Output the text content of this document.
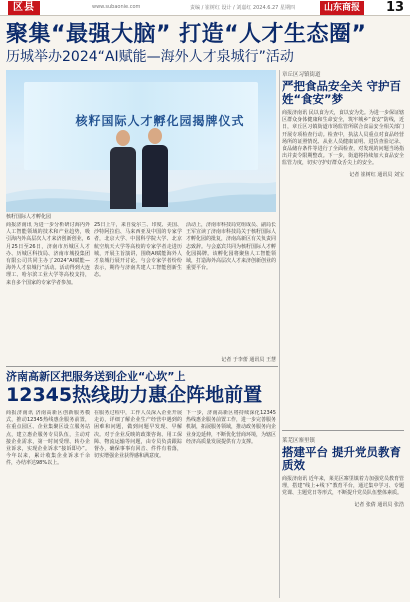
区县	www.subaonie.com	责编 / 崔树红 设计 / 刘嘉红 2024.6.27 星期四	山东商报	13
聚集“最强大脑” 打造“人才生态圈”
历城举办2024“AI赋能—海外人才泉城行”活动
核籽国际人才孵化园揭牌仪式
核籽国际人才孵化园
商报济南讯 为进一步分析研讨海内外人工智能领域的技术和产业趋势，吸引海内外高层次人才来济创新创业，6月25日至26日，济南市历城区人才办、历城区科技局、济南市城投集团有限公司共同主办了2024“AI赋能—海外人才泉城行”活动。活动得到大连理工、哈尔滨工业大学等高校支持，来自多个国家的专家学者参加。
25日上午，来自爱尔兰、印度、美国、沙特阿拉伯、马来西亚及中国的专家学者，北京大学、中国科学院大学、北京航空航天大学等高校的专家学者走进历城，开展主旨演讲，围绕AI赋能海外人才泉城行展开讨论。与会专家学者纷纷表示，期待与济南共建人工智能创新生态。
活动上，济南市科技局党组成员、副局长王军宣读了济南市科技局关于核籽国际人才孵化园的批复，济南高新区有关负责同志致辞。与会嘉宾共同为核籽国际人才孵化园揭牌。该孵化园将聚焦人工智能领域，打造海外高层次人才来济创新创业的重要平台。
记者 于李蕾 通讯员 王慧
章丘区习镇街道
严把食品安全关 守护百姓“食安”梦
商报济南讯 民以食为天，食以安为先。为进一步保证辖区群众身体健康和生命安全，筑牢城乡“食安”防线，近日，章丘区习镇街道市场监管所联合食品安全相关部门开展专项检查行动。检查中，执法人员重点对食品经营场所的证照情况、从业人员健康证明、进货查验记录、食品储存条件等进行了全面检查，对发现的问题当场指出并责令限期整改。下一步，街道将持续加大食品安全监管力度，切实守护好群众舌尖上的安全。
记者 崔树红 通讯员 刘宝
莱芜区寨里镇
搭建平台 提升党员教育质效
商报济南讯 近年来，莱芜区寨里镇着力加强党员教育管理，搭建“线上+线下”教育平台，通过集中学习、专题党课、主题党日等形式，不断提升党员队伍整体素质。
记者 张倩 通讯员 张浩
济南高新区把服务送到企业“心坎”上
12345热线助力惠企阵地前置
商报济南讯 济南高新区创新服务模式，推动12345热线惠企服务前置，在重点园区、企业集聚区设立服务站点，建立惠企服务专员队伍，主动对接企业需求，第一时间受理、转办企业诉求，实现企业诉求“接诉即办”。今年以来，累计收集企业诉求千余件，办结率达98%以上。
在服务过程中，工作人员深入企业开展走访，详细了解企业生产经营中遇到的困难和问题，做到问题早发现、早解决。对于企业反映的政策咨询、用工保障、物流运输等问题，由专员负责跟踪督办，确保事事有回音、件件有着落，切实增强企业获得感和满意度。
下一步，济南高新区将持续深化12345热线惠企服务前置工作，进一步完善服务机制，拓展服务领域，推动政务服务向企业身边延伸，不断优化营商环境，为辖区经济高质量发展提供有力支撑。
